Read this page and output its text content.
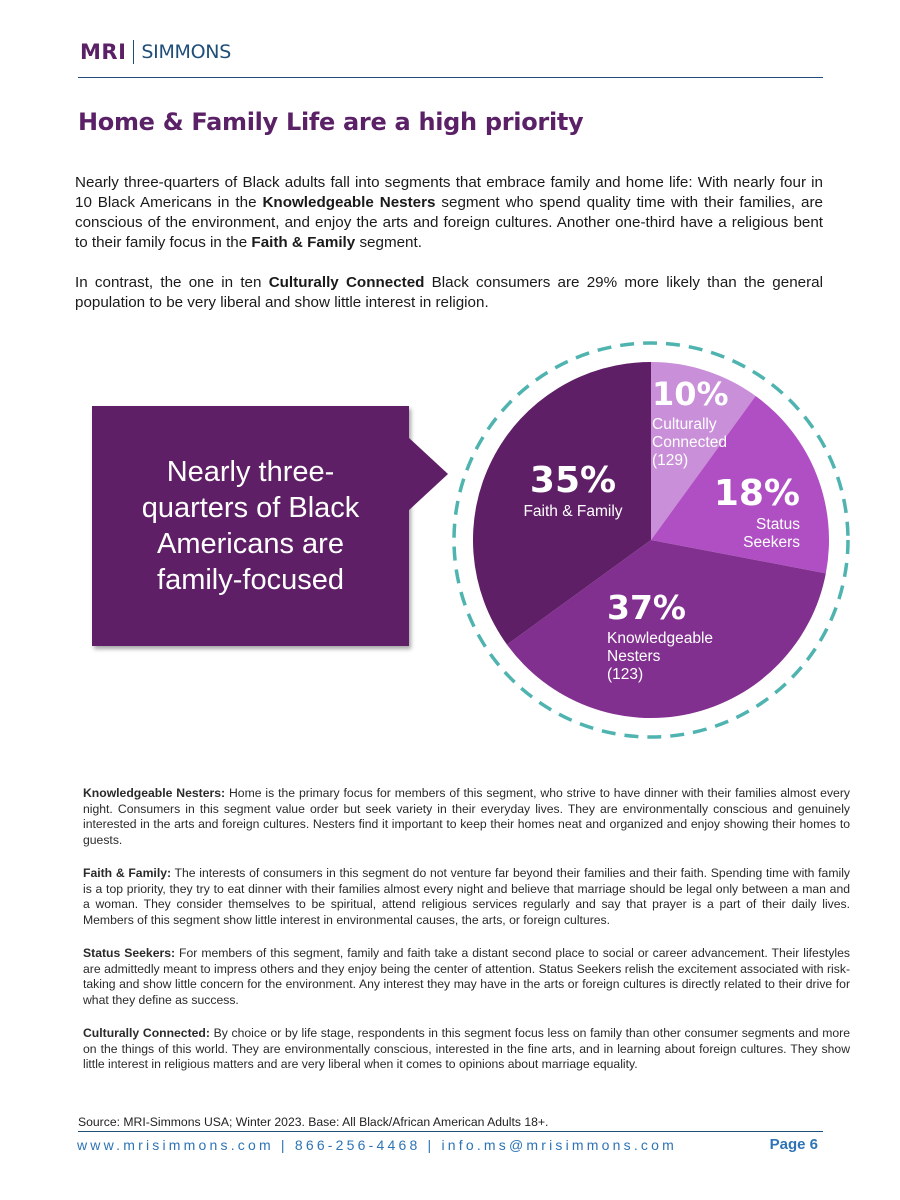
MRI SIMMONS
Home & Family Life are a high priority

Nearly three-quarters of Black adults fall into segments that embrace family and home life: With nearly four in 10 Black Americans in the Knowledgeable Nesters segment who spend quality time with their families, are conscious of the environment, and enjoy the arts and foreign cultures. Another one-third have a religious bent to their family focus in the Faith & Family segment.

In contrast, the one in ten Culturally Connected Black consumers are 29% more likely than the general population to be very liberal and show little interest in religion.

Nearly three-quarters of Black Americans are family-focused
10%
Culturally
Connected
(129)
18%
Status
Seekers
37%
Knowledgeable
Nesters
(123)
35%
Faith & Family

Knowledgeable Nesters: Home is the primary focus for members of this segment, who strive to have dinner with their families almost every night. Consumers in this segment value order but seek variety in their everyday lives. They are environmentally conscious and genuinely interested in the arts and foreign cultures. Nesters find it important to keep their homes neat and organized and enjoy showing their homes to guests.

Faith & Family: The interests of consumers in this segment do not venture far beyond their families and their faith. Spending time with family is a top priority, they try to eat dinner with their families almost every night and believe that marriage should be legal only between a man and a woman. They consider themselves to be spiritual, attend religious services regularly and say that prayer is a part of their daily lives. Members of this segment show little interest in environmental causes, the arts, or foreign cultures.

Status Seekers: For members of this segment, family and faith take a distant second place to social or career advancement. Their lifestyles are admittedly meant to impress others and they enjoy being the center of attention. Status Seekers relish the excitement associated with risk-taking and show little concern for the environment. Any interest they may have in the arts or foreign cultures is directly related to their drive for what they define as success.

Culturally Connected: By choice or by life stage, respondents in this segment focus less on family than other consumer segments and more on the things of this world. They are environmentally conscious, interested in the fine arts, and in learning about foreign cultures. They show little interest in religious matters and are very liberal when it comes to opinions about marriage equality.

Source: MRI-Simmons USA; Winter 2023. Base: All Black/African American Adults 18+.
www.mrisimmons.com | 866-256-4468 | info.ms@mrisimmons.com	Page 6
